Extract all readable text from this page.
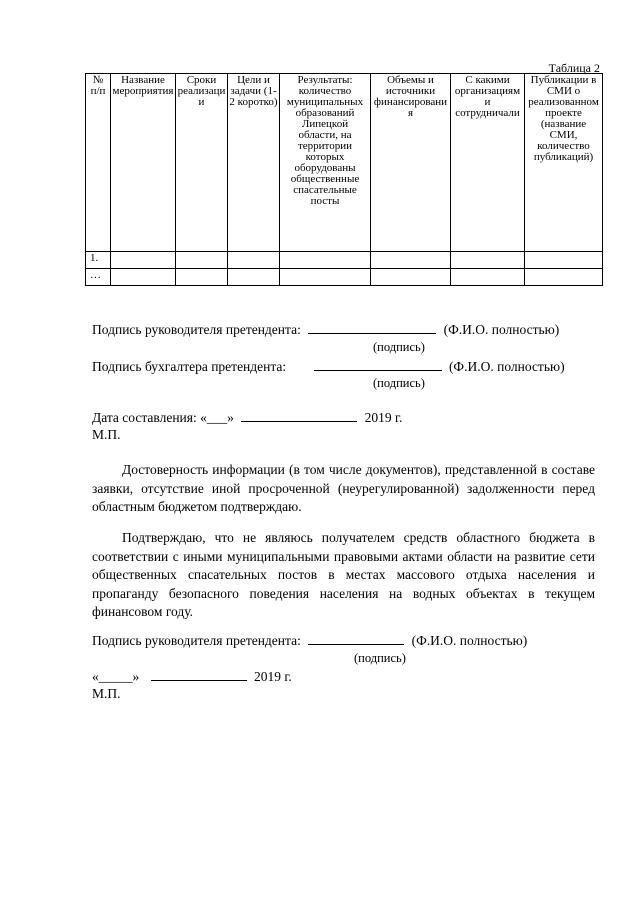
Таблица 2
№ п/п	Название мероприятия	Сроки реализации	Цели и задачи (1-2 коротко)	Результаты: количество муниципальных образований Липецкой области, на территории которых оборудованы общественные спасательные посты	Объемы и источники финансирования	С какими организациями сотрудничали	Публикации в СМИ о реализованном проекте (название СМИ, количество публикаций)
1.							
…							
Подпись руководителя претендента:	(Ф.И.О. полностью)
(подпись)
Подпись бухгалтера претендента:	(Ф.И.О. полностью)
(подпись)
Дата составления: «___»	2019 г.
М.П.
Достоверность информации (в том числе документов), представленной в составе заявки, отсутствие иной просроченной (неурегулированной) задолженности перед областным бюджетом подтверждаю.
Подтверждаю, что не являюсь получателем средств областного бюджета в соответствии с иными муниципальными правовыми актами области на развитие сети общественных спасательных постов в местах массового отдыха населения и пропаганду безопасного поведения населения на водных объектах в текущем финансовом году.
Подпись руководителя претендента:	(Ф.И.О. полностью)
(подпись)
«_____»	2019 г.
М.П.
